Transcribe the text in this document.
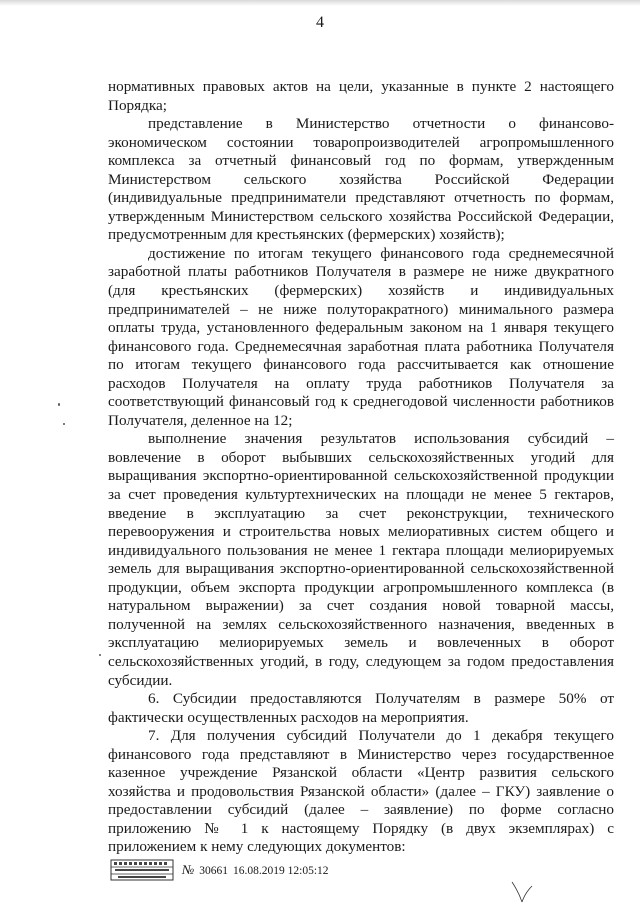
4

нормативных правовых актов на цели, указанные в пункте 2 настоящего Порядка;

представление в Министерство отчетности о финансово-экономическом состоянии товаропроизводителей агропромышленного комплекса за отчетный финансовый год по формам, утвержденным Министерством сельского хозяйства Российской Федерации (индивидуальные предприниматели представляют отчетность по формам, утвержденным Министерством сельского хозяйства Российской Федерации, предусмотренным для крестьянских (фермерских) хозяйств);

достижение по итогам текущего финансового года среднемесячной заработной платы работников Получателя в размере не ниже двукратного (для крестьянских (фермерских) хозяйств и индивидуальных предпринимателей – не ниже полуторакратного) минимального размера оплаты труда, установленного федеральным законом на 1 января текущего финансового года. Среднемесячная заработная плата работника Получателя по итогам текущего финансового года рассчитывается как отношение расходов Получателя на оплату труда работников Получателя за соответствующий финансовый год к среднегодовой численности работников Получателя, деленное на 12;

выполнение значения результатов использования субсидий – вовлечение в оборот выбывших сельскохозяйственных угодий для выращивания экспортно-ориентированной сельскохозяйственной продукции за счет проведения культуртехнических на площади не менее 5 гектаров, введение в эксплуатацию за счет реконструкции, технического перевооружения и строительства новых мелиоративных систем общего и индивидуального пользования не менее 1 гектара площади мелиорируемых земель для выращивания экспортно-ориентированной сельскохозяйственной продукции, объем экспорта продукции агропромышленного комплекса (в натуральном выражении) за счет создания новой товарной массы, полученной на землях сельскохозяйственного назначения, введенных в эксплуатацию мелиорируемых земель и вовлеченных в оборот сельскохозяйственных угодий, в году, следующем за годом предоставления субсидии.

6. Субсидии предоставляются Получателям в размере 50% от фактически осуществленных расходов на мероприятия.

7. Для получения субсидий Получатели до 1 декабря текущего финансового года представляют в Министерство через государственное казенное учреждение Рязанской области «Центр развития сельского хозяйства и продовольствия Рязанской области» (далее – ГКУ) заявление о предоставлении субсидий (далее – заявление) по форме согласно приложению № 1 к настоящему Порядку (в двух экземплярах) с приложением к нему следующих документов:

№ 30661 16.08.2019 12:05:12
